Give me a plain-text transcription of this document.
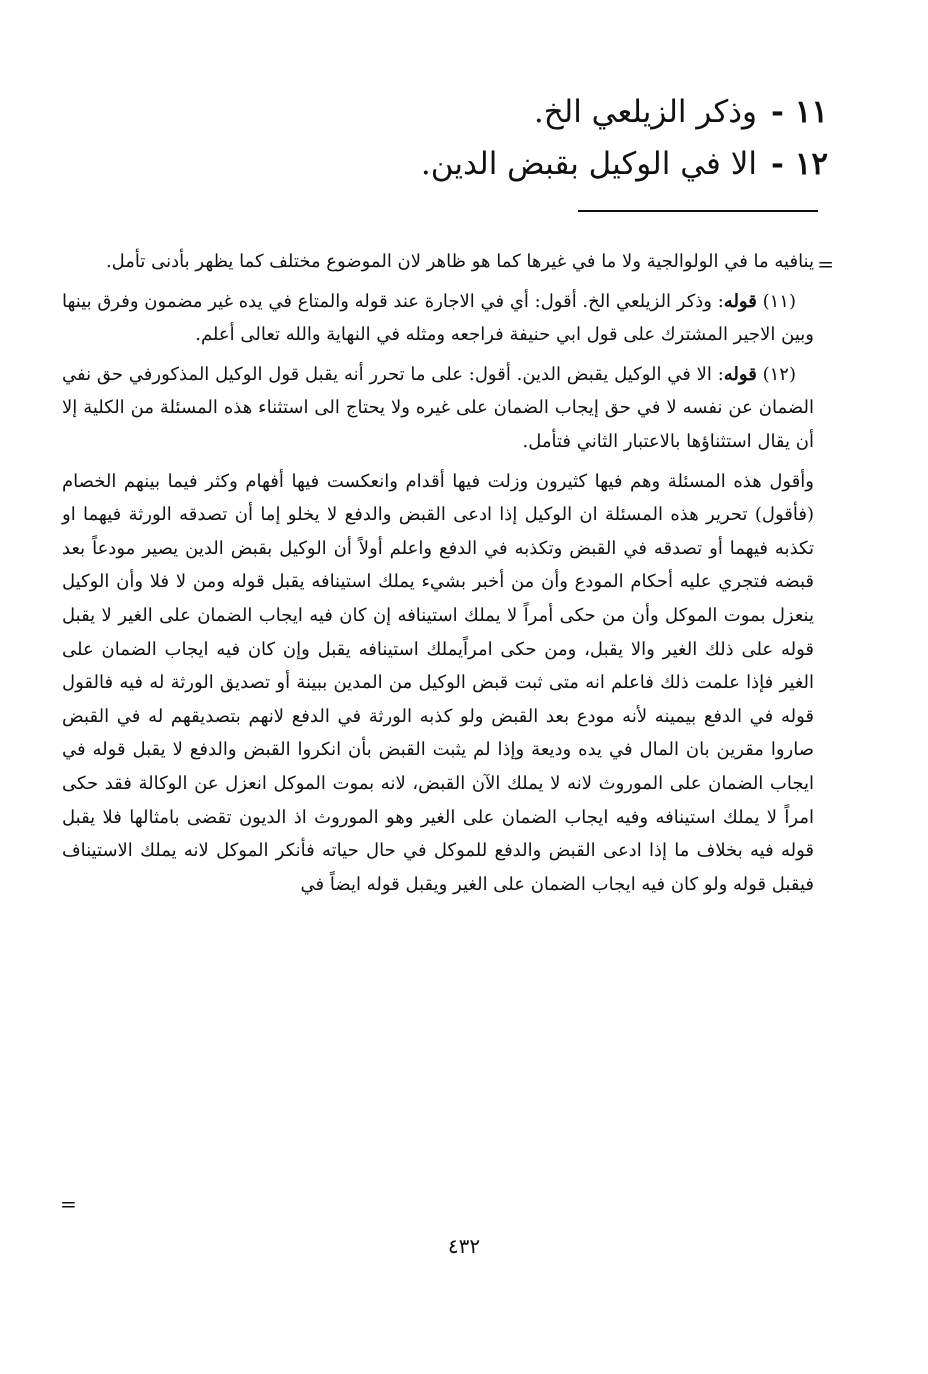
١١ -وذكر الزيلعي الخ.
١٢ -الا في الوكيل بقبض الدين.
=

ينافيه ما في الولوالجية ولا ما في غيرها كما هو ظاهر لان الموضوع مختلف كما يظهر بأدنى تأمل.

(١١) قوله: وذكر الزيلعي الخ. أقول: أي في الاجارة عند قوله والمتاع في يده غير مضمون وفرق بينها وبين الاجير المشترك على قول ابي حنيفة فراجعه ومثله في النهاية والله تعالى أعلم.

(١٢) قوله: الا في الوكيل يقبض الدين. أقول: على ما تحرر أنه يقبل قول الوكيل المذكورفي حق نفي الضمان عن نفسه لا في حق إيجاب الضمان على غيره ولا يحتاج الى استثناء هذه المسئلة من الكلية إلا أن يقال استثناؤها بالاعتبار الثاني فتأمل.

وأقول هذه المسئلة وهم فيها كثيرون وزلت فيها أقدام وانعكست فيها أفهام وكثر فيما بينهم الخصام (فأقول) تحرير هذه المسئلة ان الوكيل إذا ادعى القبض والدفع لا يخلو إما أن تصدقه الورثة فيهما او تكذبه فيهما أو تصدقه في القبض وتكذبه في الدفع واعلم أولاً أن الوكيل بقبض الدين يصير مودعاً بعد قبضه فتجري عليه أحكام المودع وأن من أخبر بشيء يملك استينافه يقبل قوله ومن لا فلا وأن الوكيل ينعزل بموت الموكل وأن من حكى أمراً لا يملك استينافه إن كان فيه ايجاب الضمان على الغير لا يقبل قوله على ذلك الغير والا يقبل، ومن حكى امراًيملك استينافه يقبل وإن كان فيه ايجاب الضمان على الغير فإذا علمت ذلك فاعلم انه متى ثبت قبض الوكيل من المدين ببينة أو تصديق الورثة له فيه فالقول قوله في الدفع بيمينه لأنه مودع بعد القبض ولو كذبه الورثة في الدفع لانهم بتصديقهم له في القبض صاروا مقرين بان المال في يده وديعة وإذا لم يثبت القبض بأن انكروا القبض والدفع لا يقبل قوله في ايجاب الضمان على الموروث لانه لا يملك الآن القبض، لانه بموت الموكل انعزل عن الوكالة فقد حكى امراً لا يملك استينافه وفيه ايجاب الضمان على الغير وهو الموروث اذ الديون تقضى بامثالها فلا يقبل قوله فيه بخلاف ما إذا ادعى القبض والدفع للموكل في حال حياته فأنكر الموكل لانه يملك الاستيناف فيقبل قوله ولو كان فيه ايجاب الضمان على الغير ويقبل قوله ايضاً في

=
٤٣٢
